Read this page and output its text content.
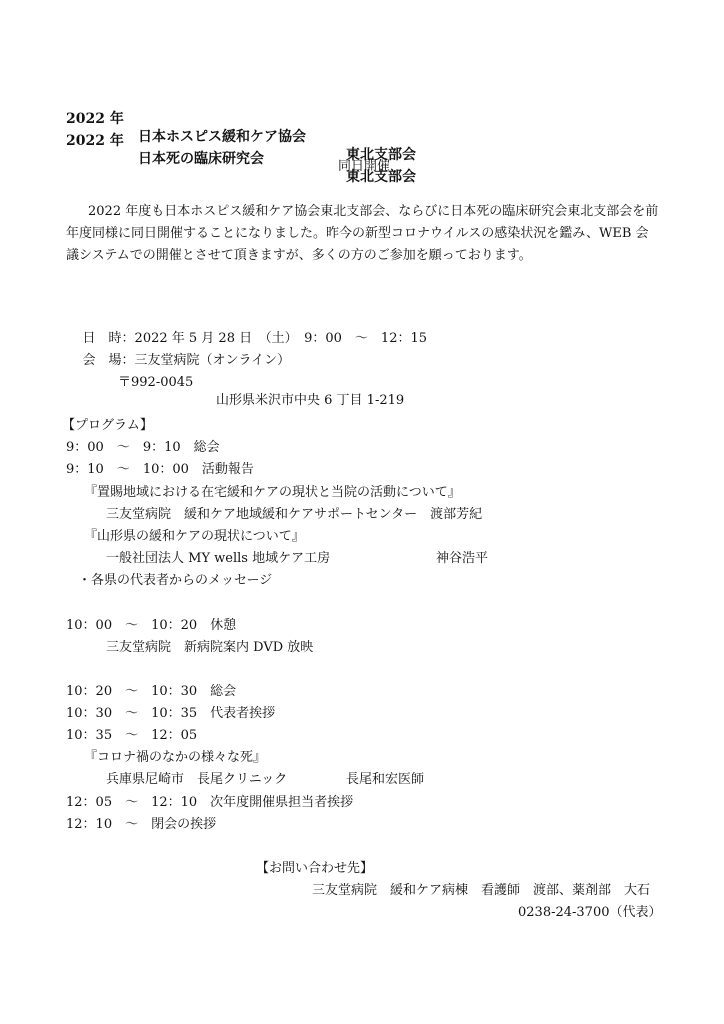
2022 年

日本ホスピス緩和ケア協会

東北支部会

2022 年

日本死の臨床研究会

東北支部会

同日開催
2022 年度も日本ホスピス緩和ケア協会東北支部会、ならびに日本死の臨床研究会東北支部会を前
年度同様に同日開催することになりました。昨今の新型コロナウイルスの感染状況を鑑み、WEB 会
議システムでの開催とさせて頂きますが、多くの方のご参加を願っております。

日　時：2022 年 5 月 28 日　（土）　9：00　～　12：15

会　場：三友堂病院（オンライン）

〒992-0045

山形県米沢市中央 6 丁目 1-219

【プログラム】
9：00　～　9：10　総会
9：10　～　10：00　活動報告
『置賜地域における在宅緩和ケアの現状と当院の活動について』
三友堂病院　緩和ケア地域緩和ケアサポートセンター　渡部芳紀
『山形県の緩和ケアの現状について』
一般社団法人 MY wells 地域ケア工房	神谷浩平
・各県の代表者からのメッセージ
10：00　～　10：20　休憩
三友堂病院　新病院案内 DVD 放映
10：20　～　10：30　総会
10：30　～　10：35　代表者挨拶
10：35　～　12：05
『コロナ禍のなかの様々な死』
兵庫県尼崎市　長尾クリニック	長尾和宏医師
12：05　～　12：10　次年度開催県担当者挨拶
12：10　～　閉会の挨拶
【お問い合わせ先】
三友堂病院　緩和ケア病棟　看護師　渡部、薬剤部　大石
0238-24-3700（代表）
